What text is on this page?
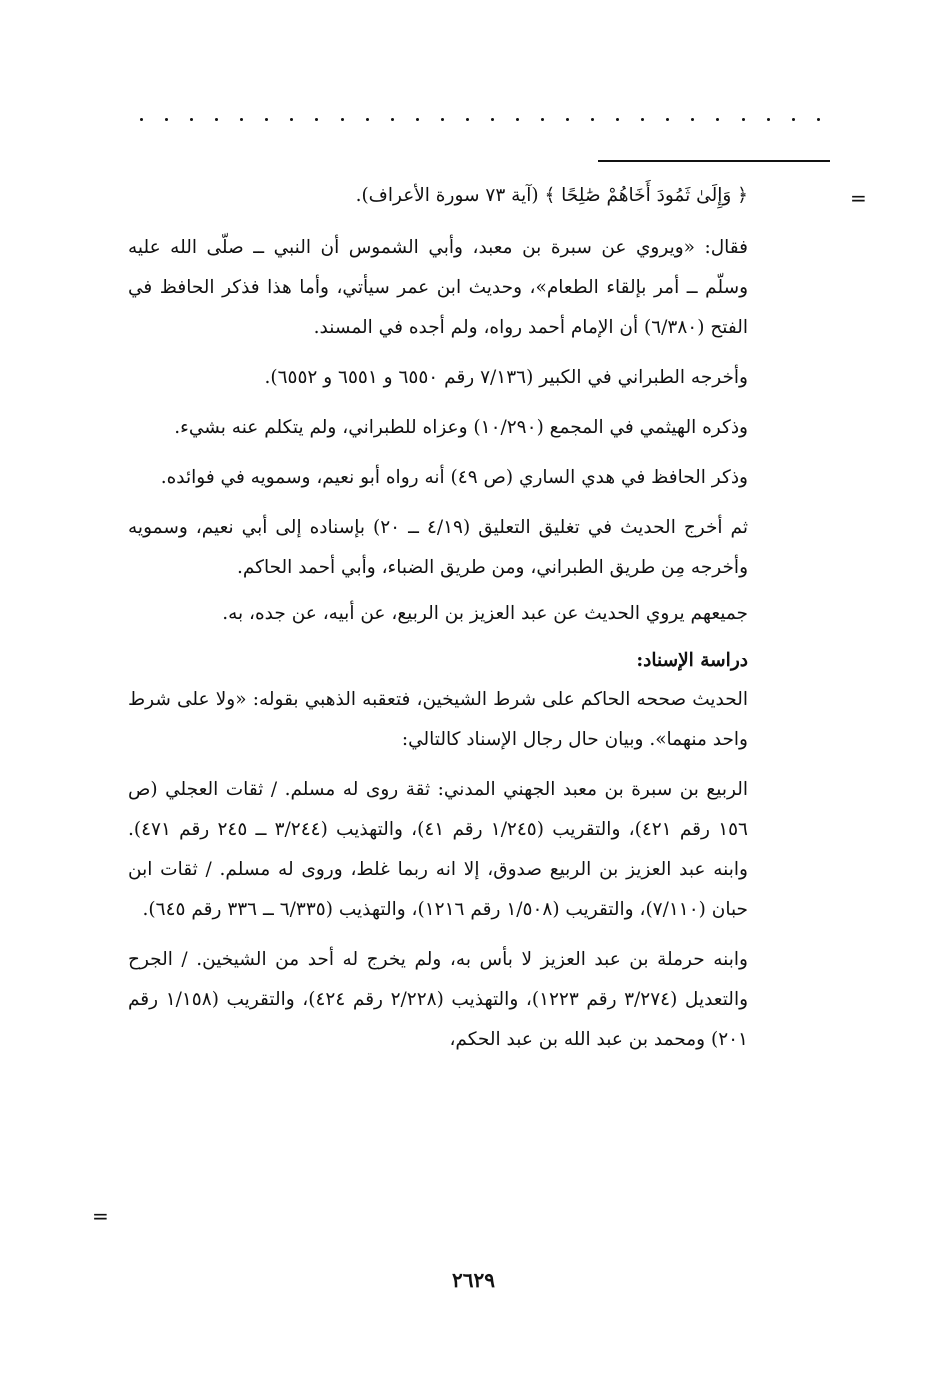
=

﴿ وَإِلَىٰ ثَمُودَ أَخَاهُمْ صَٰلِحًا ﴾ (آية ٧٣ سورة الأعراف).

فقال: «ويروي عن سبرة بن معبد، وأبي الشموس أن النبي ــ صلّى الله عليه وسلّم ــ أمر بإلقاء الطعام»، وحديث ابن عمر سيأتي، وأما هذا فذكر الحافظ في الفتح (٦/٣٨٠) أن الإمام أحمد رواه، ولم أجده في المسند.

وأخرجه الطبراني في الكبير (٧/١٣٦ رقم ٦٥٥٠ و ٦٥٥١ و ٦٥٥٢).

وذكره الهيثمي في المجمع (١٠/٢٩٠) وعزاه للطبراني، ولم يتكلم عنه بشيء.

وذكر الحافظ في هدي الساري (ص ٤٩) أنه رواه أبو نعيم، وسمويه في فوائده.

ثم أخرج الحديث في تغليق التعليق (٤/١٩ ــ ٢٠) بإسناده إلى أبي نعيم، وسمويه وأخرجه مِن طريق الطبراني، ومن طريق الضباء، وأبي أحمد الحاكم.

جميعهم يروي الحديث عن عبد العزيز بن الربيع، عن أبيه، عن جده، به.

دراسة الإسناد:

الحديث صححه الحاكم على شرط الشيخين، فتعقبه الذهبي بقوله: «ولا على شرط واحد منهما». وبيان حال رجال الإسناد كالتالي:

الربيع بن سبرة بن معبد الجهني المدني: ثقة روى له مسلم. / ثقات العجلي (ص ١٥٦ رقم ٤٢١)، والتقريب (١/٢٤٥ رقم ٤١)، والتهذيب (٣/٢٤٤ ــ ٢٤٥ رقم ٤٧١). وابنه عبد العزيز بن الربيع صدوق، إلا انه ربما غلط، وروى له مسلم. / ثقات ابن حبان (٧/١١٠)، والتقريب (١/٥٠٨ رقم ١٢١٦)، والتهذيب (٦/٣٣٥ ــ ٣٣٦ رقم ٦٤٥).

وابنه حرملة بن عبد العزيز لا بأس به، ولم يخرج له أحد من الشيخين. / الجرح والتعديل (٣/٢٧٤ رقم ١٢٢٣)، والتهذيب (٢/٢٢٨ رقم ٤٢٤)، والتقريب (١/١٥٨ رقم ٢٠١) ومحمد بن عبد الله بن عبد الحكم،

=
٢٦٢٩
